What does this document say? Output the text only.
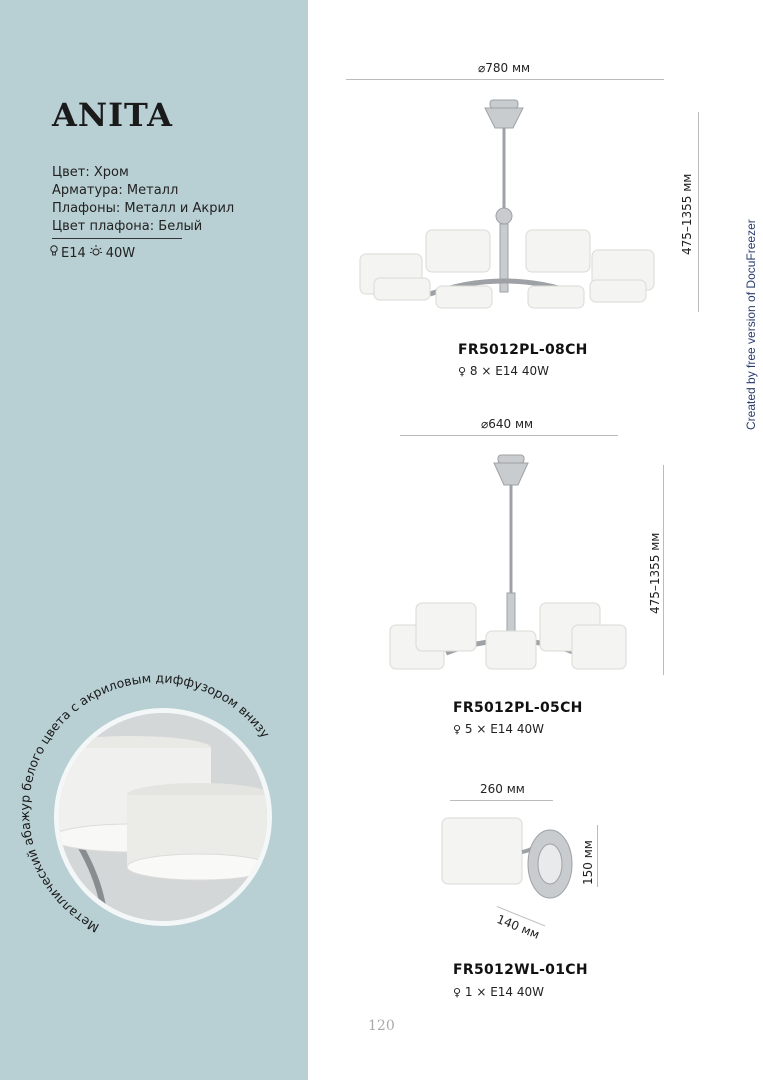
ANITA
Цвет: Хром
Арматура: Металл
Плафоны: Металл и Акрил
Цвет плафона: Белый
E14 40W
Металлический абажур белого цвета с акриловым диффузором внизу
⌀780 мм
475–1355 мм
FR5012PL-08CH
♀ 8 × E14 40W
⌀640 мм
475–1355 мм
FR5012PL-05CH
♀ 5 × E14 40W
260 мм
150 мм
140 мм
FR5012WL-01CH
♀ 1 × E14 40W
120
Created by free version of DocuFreezer
